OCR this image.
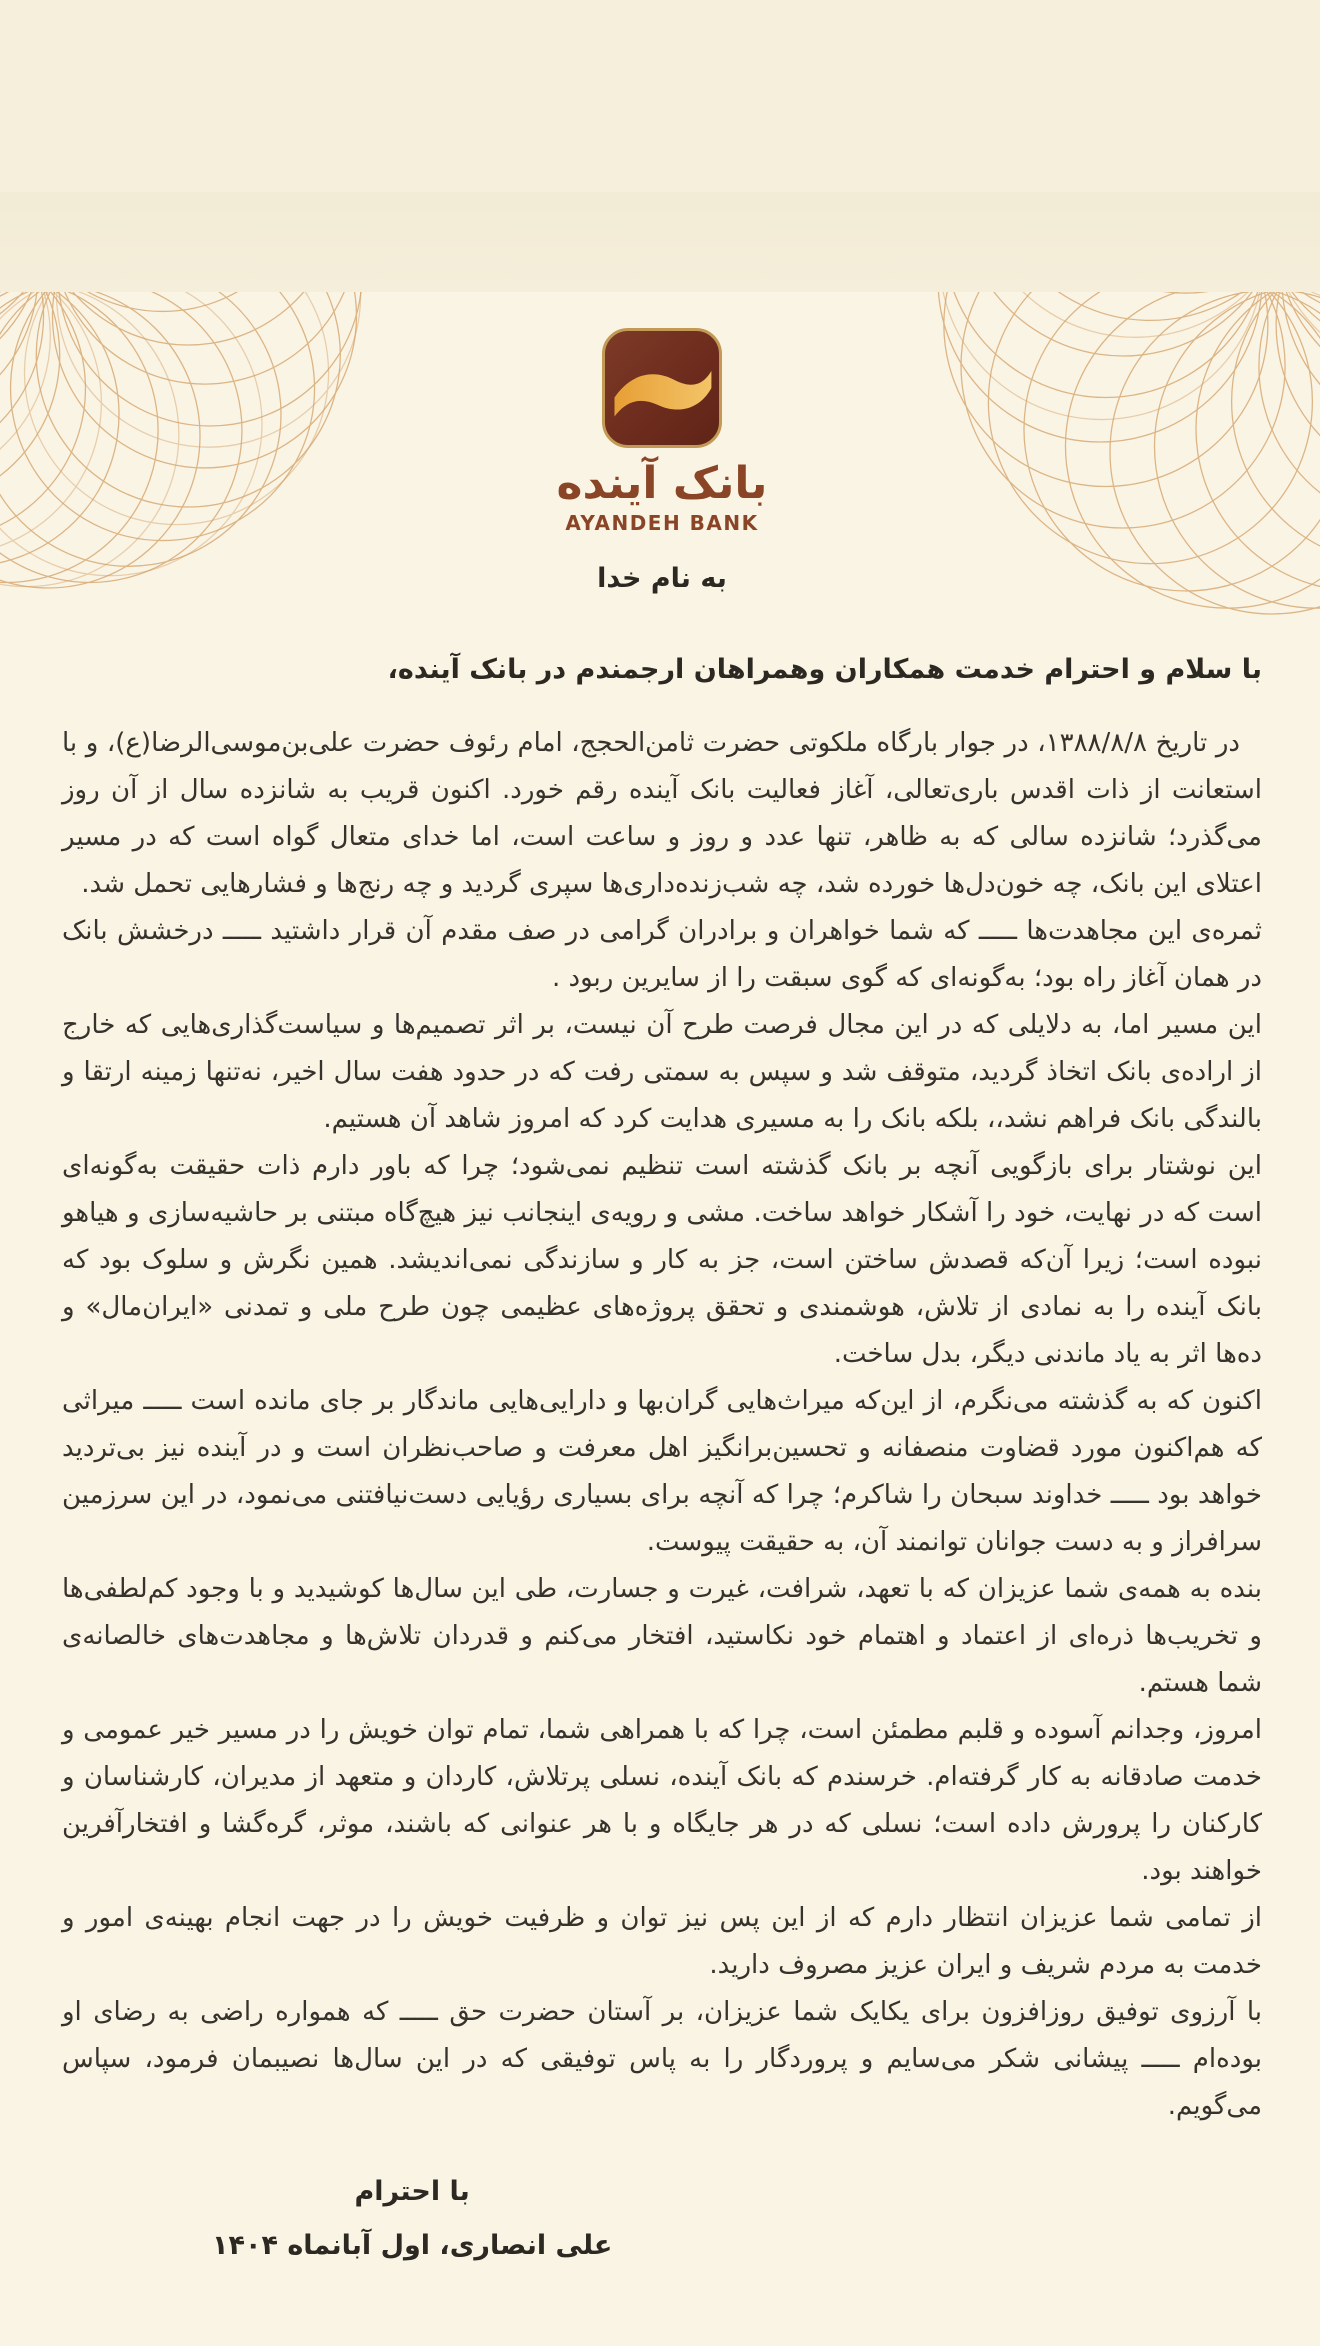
بانک آینده
AYANDEH BANK
به نام خدا
با سلام و احترام خدمت همکاران وهمراهان ارجمندم در بانک آینده،

در تاریخ ۱۳۸۸/۸/۸، در جوار بارگاه ملکوتی حضرت ثامن‌الحجج، امام رئوف حضرت علی‌بن‌موسی‌الرضا(ع)، و با استعانت از ذات اقدس باری‌تعالی، آغاز فعالیت بانک آینده رقم خورد. اکنون قریب به شانزده سال از آن روز می‌گذرد؛ شانزده سالی که به ظاهر، تنها عدد و روز و ساعت است، اما خدای متعال گواه است که در مسیر اعتلای این بانک، چه خون‌دل‌ها خورده شد، چه شب‌زنده‌داری‌ها سپری گردید و چه رنج‌ها و فشارهایی تحمل شد.

ثمره‌ی این مجاهدت‌ها ـــــ که شما خواهران و برادران گرامی در صف مقدم آن قرار داشتید ـــــ درخشش بانک در همان آغاز راه بود؛ به‌گونه‌ای که گوی سبقت را از سایرین ربود .

این مسیر اما، به دلایلی که در این مجال فرصت طرح آن نیست، بر اثر تصمیم‌ها و سیاست‌گذاری‌هایی که خارج از اراده‌ی بانک اتخاذ گردید، متوقف شد و سپس به سمتی رفت که در حدود هفت سال اخیر، نه‌تنها زمینه ارتقا و بالندگی بانک فراهم نشد،، بلکه بانک را به مسیری هدایت کرد که امروز شاهد آن هستیم.

این نوشتار برای بازگویی آنچه بر بانک گذشته است تنظیم نمی‌شود؛ چرا که باور دارم ذات حقیقت به‌گونه‌ای است که در نهایت، خود را آشکار خواهد ساخت. مشی و رویه‌ی اینجانب نیز هیچ‌گاه مبتنی بر حاشیه‌سازی و هیاهو نبوده است؛ زیرا آن‌که قصدش ساختن است، جز به کار و سازندگی نمی‌اندیشد. همین نگرش و سلوک بود که بانک آینده را به نمادی از تلاش، هوشمندی و تحقق پروژه‌های عظیمی چون طرح ملی و تمدنی «ایران‌مال» و ده‌ها اثر به یاد ماندنی دیگر، بدل ساخت.

اکنون که به گذشته می‌نگرم، از این‌که میراث‌هایی گران‌بها و دارایی‌هایی ماندگار بر جای مانده است ـــــ میراثی که هم‌اکنون مورد قضاوت منصفانه و تحسین‌برانگیز اهل معرفت و صاحب‌نظران است و در آینده نیز بی‌تردید خواهد بود ـــــ خداوند سبحان را شاکرم؛ چرا که آنچه برای بسیاری رؤیایی دست‌نیافتنی می‌نمود، در این سرزمین سرافراز و به دست جوانان توانمند آن، به حقیقت پیوست.

بنده به همه‌ی شما عزیزان که با تعهد، شرافت، غیرت و جسارت، طی این سال‌ها کوشیدید و با وجود کم‌لطفی‌ها و تخریب‌ها ذره‌ای از اعتماد و اهتمام خود نکاستید، افتخار می‌کنم و قدردان تلاش‌ها و مجاهدت‌های خالصانه‌ی شما هستم.

امروز، وجدانم آسوده و قلبم مطمئن است، چرا که با همراهی شما، تمام توان خویش را در مسیر خیر عمومی و خدمت صادقانه به کار گرفته‌ام. خرسندم که بانک آینده، نسلی پرتلاش، کاردان و متعهد از مدیران، کارشناسان و کارکنان را پرورش داده است؛ نسلی که در هر جایگاه و با هر عنوانی که باشند، موثر، گره‌گشا و افتخارآفرین خواهند بود.

از تمامی شما عزیزان انتظار دارم که از این پس نیز توان و ظرفیت خویش را در جهت انجام بهینه‌ی امور و خدمت به مردم شریف و ایران عزیز مصروف دارید.

با آرزوی توفیق روزافزون برای یکایک شما عزیزان، بر آستان حضرت حق ـــــ که همواره راضی به رضای او بوده‌ام ـــــ پیشانی شکر می‌سایم و پروردگار را به پاس توفیقی که در این سال‌ها نصیبمان فرمود، سپاس می‌گویم.

با احترام
علی انصاری، اول آبانماه ۱۴۰۴
